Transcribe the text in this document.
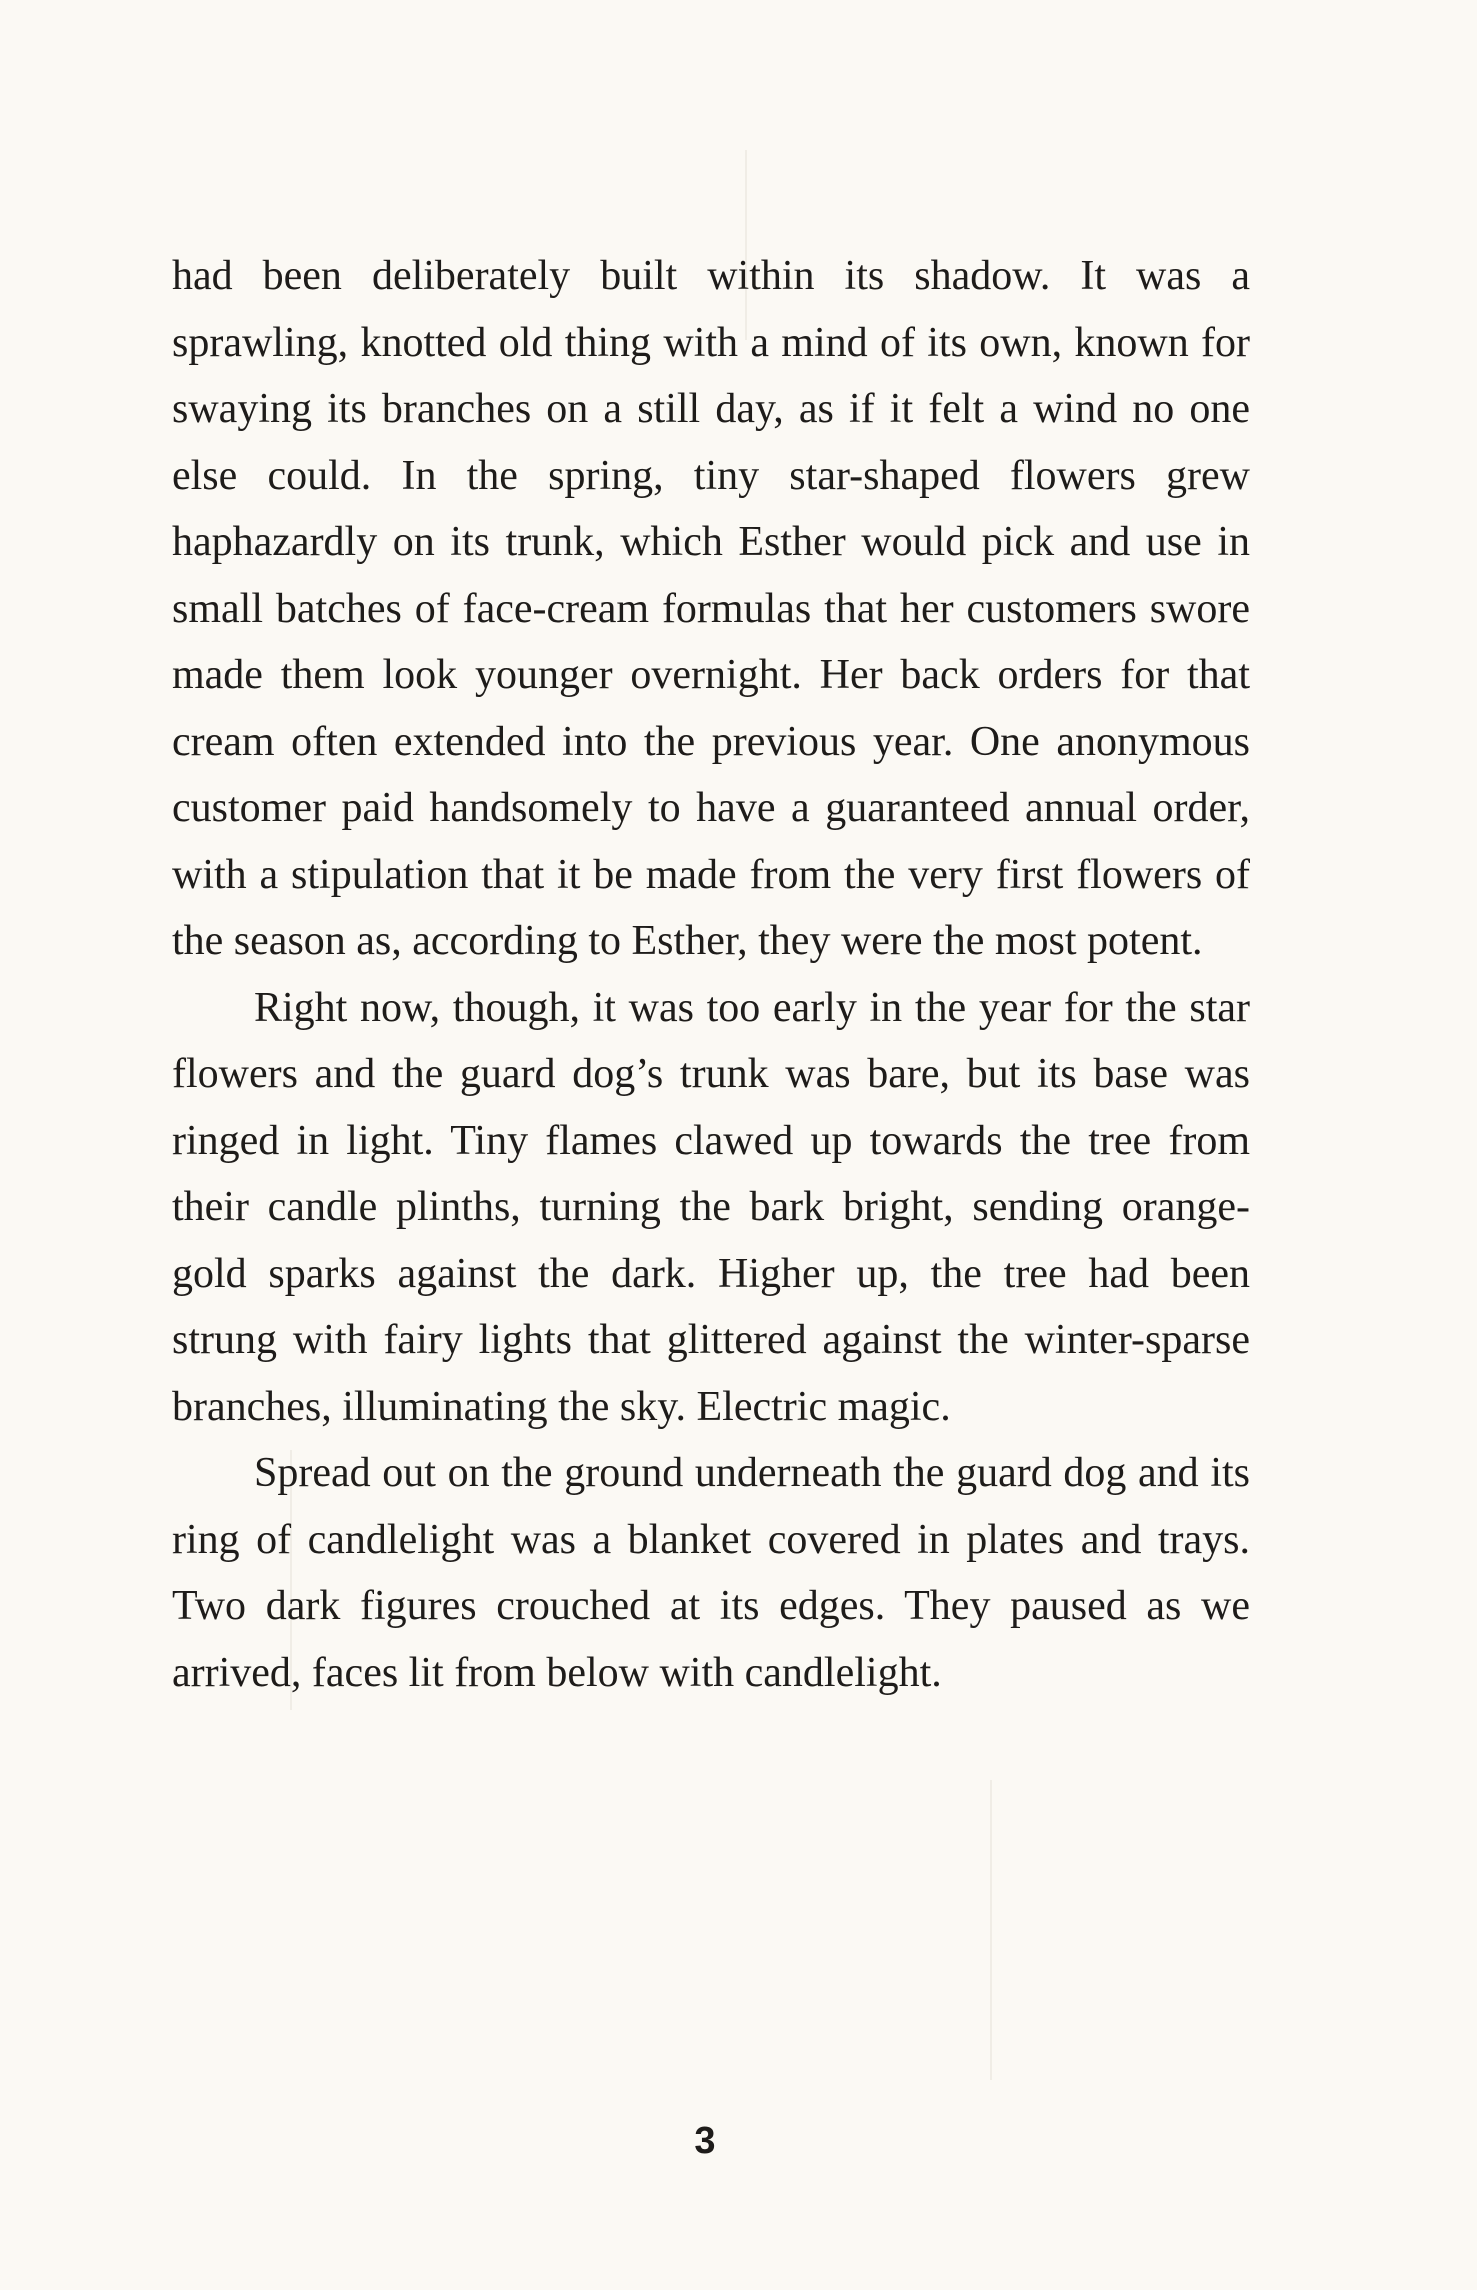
had been deliberately built within its shadow. It was a sprawling, knotted old thing with a mind of its own, known for swaying its branches on a still day, as if it felt a wind no one else could. In the spring, tiny star-shaped flowers grew haphazardly on its trunk, which Esther would pick and use in small batches of face-cream formulas that her customers swore made them look younger overnight. Her back orders for that cream often extended into the previous year. One anonymous customer paid handsomely to have a guaranteed annual order, with a stipulation that it be made from the very first flowers of the season as, according to Esther, they were the most potent.

Right now, though, it was too early in the year for the star flowers and the guard dog’s trunk was bare, but its base was ringed in light. Tiny flames clawed up towards the tree from their candle plinths, turning the bark bright, sending orange-gold sparks against the dark. Higher up, the tree had been strung with fairy lights that glittered against the winter-sparse branches, illuminating the sky. Electric magic.

Spread out on the ground underneath the guard dog and its ring of candlelight was a blanket covered in plates and trays. Two dark figures crouched at its edges. They paused as we arrived, faces lit from below with candlelight.

3
